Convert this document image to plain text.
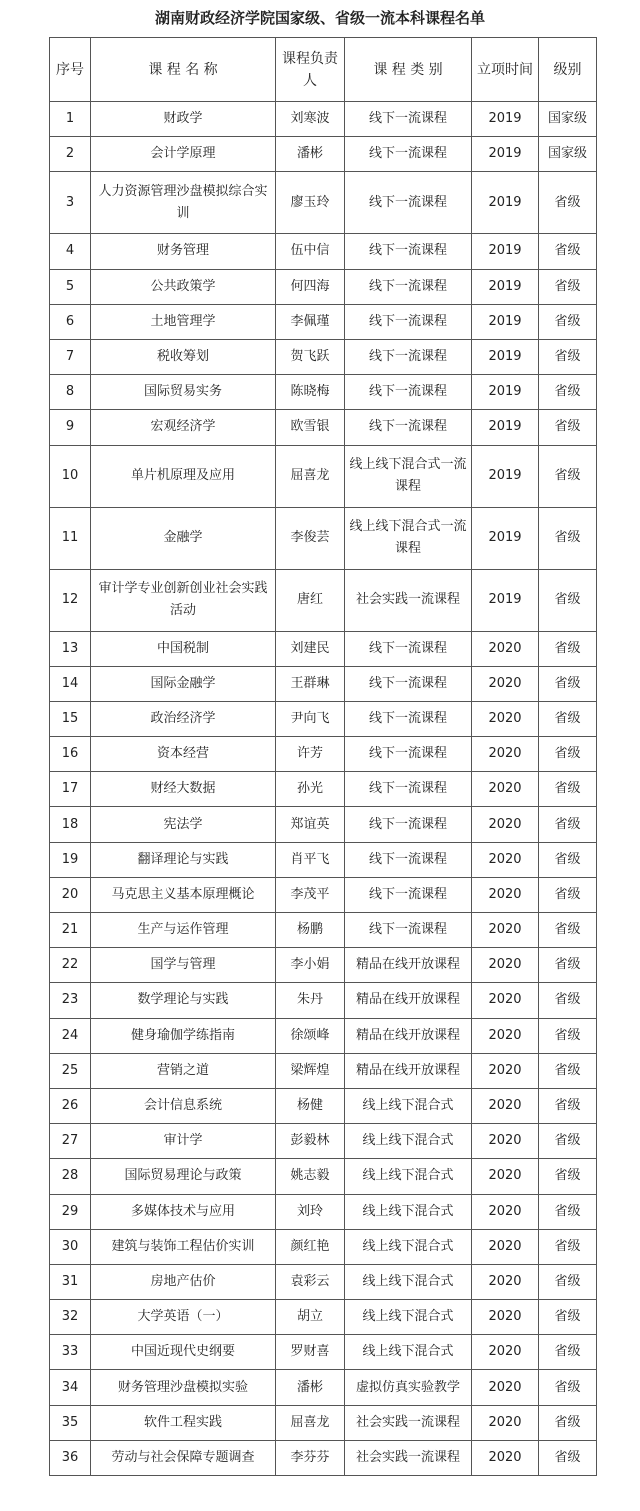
湖南财政经济学院国家级、省级一流本科课程名单
序号	课 程 名 称	课程负责人	课 程 类 别	立项时间	级别
1	财政学	刘寒波	线下一流课程	2019	国家级
2	会计学原理	潘彬	线下一流课程	2019	国家级
3	人力资源管理沙盘模拟综合实训	廖玉玲	线下一流课程	2019	省级
4	财务管理	伍中信	线下一流课程	2019	省级
5	公共政策学	何四海	线下一流课程	2019	省级
6	土地管理学	李佩瑾	线下一流课程	2019	省级
7	税收筹划	贺飞跃	线下一流课程	2019	省级
8	国际贸易实务	陈晓梅	线下一流课程	2019	省级
9	宏观经济学	欧雪银	线下一流课程	2019	省级
10	单片机原理及应用	屈喜龙	线上线下混合式一流课程	2019	省级
11	金融学	李俊芸	线上线下混合式一流课程	2019	省级
12	审计学专业创新创业社会实践活动	唐红	社会实践一流课程	2019	省级
13	中国税制	刘建民	线下一流课程	2020	省级
14	国际金融学	王群琳	线下一流课程	2020	省级
15	政治经济学	尹向飞	线下一流课程	2020	省级
16	资本经营	许芳	线下一流课程	2020	省级
17	财经大数据	孙光	线下一流课程	2020	省级
18	宪法学	郑谊英	线下一流课程	2020	省级
19	翻译理论与实践	肖平飞	线下一流课程	2020	省级
20	马克思主义基本原理概论	李茂平	线下一流课程	2020	省级
21	生产与运作管理	杨鹏	线下一流课程	2020	省级
22	国学与管理	李小娟	精品在线开放课程	2020	省级
23	数学理论与实践	朱丹	精品在线开放课程	2020	省级
24	健身瑜伽学练指南	徐颂峰	精品在线开放课程	2020	省级
25	营销之道	梁辉煌	精品在线开放课程	2020	省级
26	会计信息系统	杨健	线上线下混合式	2020	省级
27	审计学	彭毅林	线上线下混合式	2020	省级
28	国际贸易理论与政策	姚志毅	线上线下混合式	2020	省级
29	多媒体技术与应用	刘玲	线上线下混合式	2020	省级
30	建筑与装饰工程估价实训	颜红艳	线上线下混合式	2020	省级
31	房地产估价	袁彩云	线上线下混合式	2020	省级
32	大学英语（一）	胡立	线上线下混合式	2020	省级
33	中国近现代史纲要	罗财喜	线上线下混合式	2020	省级
34	财务管理沙盘模拟实验	潘彬	虚拟仿真实验教学	2020	省级
35	软件工程实践	屈喜龙	社会实践一流课程	2020	省级
36	劳动与社会保障专题调查	李芬芬	社会实践一流课程	2020	省级
